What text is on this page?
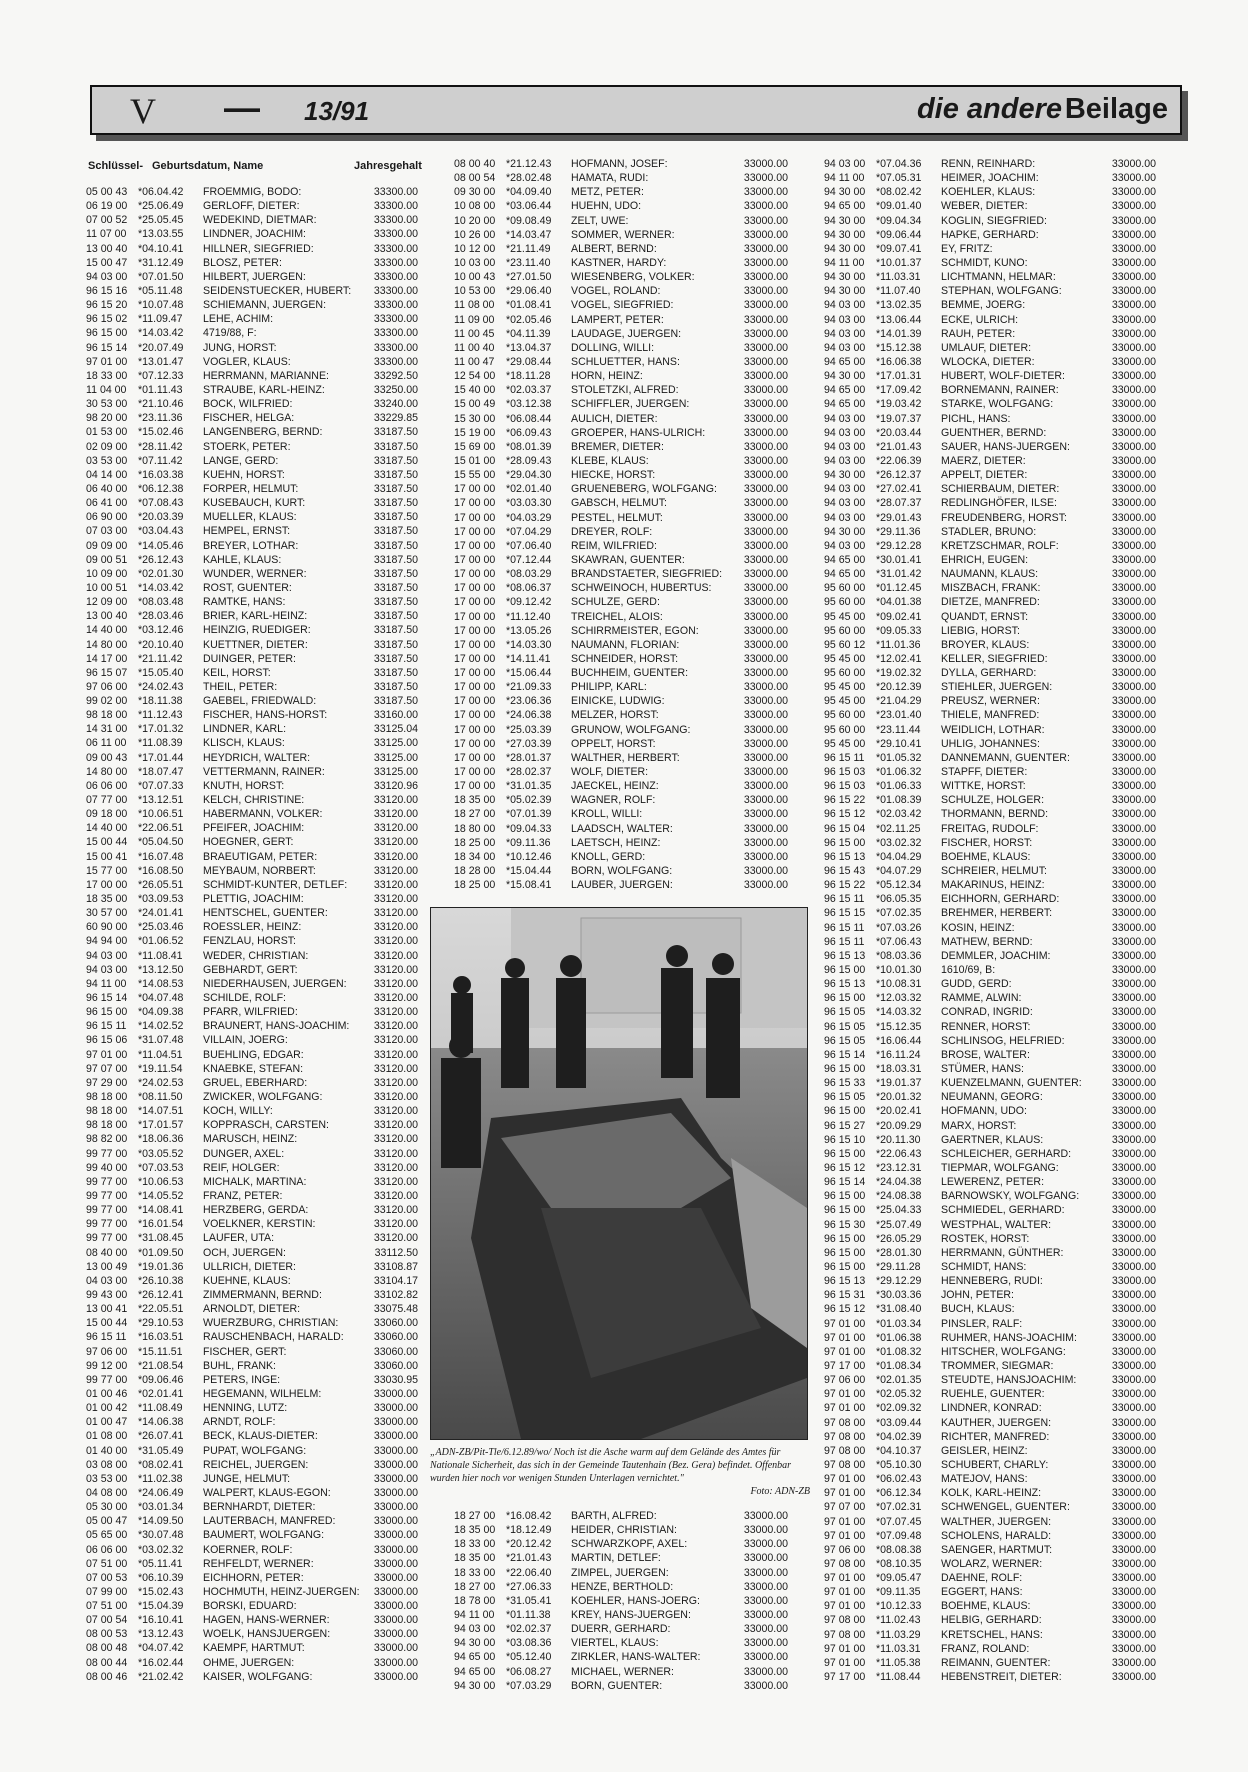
V — 13/91	die andere Beilage
Schlüssel- Geburtsdatum, Name	Jahresgehalt
05 00 43 *06.04.42 FROEMMIG, BODO:	33300.00
06 19 00 *25.06.49 GERLOFF, DIETER:	33300.00
07 00 52 *25.05.45 WEDEKIND, DIETMAR:	33300.00
11 07 00 *13.03.55 LINDNER, JOACHIM:	33300.00
13 00 40 *04.10.41 HILLNER, SIEGFRIED:	33300.00
15 00 47 *31.12.49 BLOSZ, PETER:	33300.00
94 03 00 *07.01.50 HILBERT, JUERGEN:	33300.00
96 15 16 *05.11.48 SEIDENSTUECKER, HUBERT: 33300.00
96 15 20 *10.07.48 SCHIEMANN, JUERGEN:	33300.00
96 15 02 *11.09.47 LEHE, ACHIM:	33300.00
96 15 00 *14.03.42 4719/88, F:	33300.00
96 15 14 *20.07.49 JUNG, HORST:	33300.00
97 01 00 *13.01.47 VOGLER, KLAUS:	33300.00
18 33 00 *07.12.33 HERRMANN, MARIANNE:	33292.50
11 04 00 *01.11.43 STRAUBE, KARL-HEINZ:	33250.00
30 53 00 *21.10.46 BOCK, WILFRIED:	33240.00
98 20 00 *23.11.36 FISCHER, HELGA:	33229.85
01 53 00 *15.02.46 LANGENBERG, BERND:	33187.50
02 09 00 *28.11.42 STOERK, PETER:	33187.50
03 53 00 *07.11.42 LANGE, GERD:	33187.50
04 14 00 *16.03.38 KUEHN, HORST:	33187.50
06 40 00 *06.12.38 FORPER, HELMUT:	33187.50
06 41 00 *07.08.43 KUSEBAUCH, KURT:	33187.50
06 90 00 *20.03.39 MUELLER, KLAUS:	33187.50
07 03 00 *03.04.43 HEMPEL, ERNST:	33187.50
09 09 00 *14.05.46 BREYER, LOTHAR:	33187.50
09 00 51 *26.12.43 KAHLE, KLAUS:	33187.50
10 09 00 *02.01.30 WUNDER, WERNER:	33187.50
10 00 51 *14.03.42 ROST, GUENTER:	33187.50
12 09 00 *08.03.48 RAMTKE, HANS:	33187.50
13 00 40 *28.03.46 BRIER, KARL-HEINZ:	33187.50
14 40 00 *03.12.46 HEINZIG, RUEDIGER:	33187.50
14 80 00 *20.10.40 KUETTNER, DIETER:	33187.50
14 17 00 *21.11.42 DUINGER, PETER:	33187.50
96 15 07 *15.05.40 KEIL, HORST:	33187.50
97 06 00 *24.02.43 THEIL, PETER:	33187.50
99 02 00 *18.11.38 GAEBEL, FRIEDWALD:	33187.50
98 18 00 *11.12.43 FISCHER, HANS-HORST:	33160.00
14 31 00 *17.01.32 LINDNER, KARL:	33125.04
06 11 00 *11.08.39 KLISCH, KLAUS:	33125.00
09 00 43 *17.01.44 HEYDRICH, WALTER:	33125.00
14 80 00 *18.07.47 VETTERMANN, RAINER:	33125.00
06 06 00 *07.07.33 KNUTH, HORST:	33120.96
07 77 00 *13.12.51 KELCH, CHRISTINE:	33120.00
09 18 00 *10.06.51 HABERMANN, VOLKER:	33120.00
14 40 00 *22.06.51 PFEIFER, JOACHIM:	33120.00
15 00 44 *05.04.50 HOEGNER, GERT:	33120.00
15 00 41 *16.07.48 BRAEUTIGAM, PETER:	33120.00
15 77 00 *16.08.50 MEYBAUM, NORBERT:	33120.00
17 00 00 *26.05.51 SCHMIDT-KUNTER, DETLEF:	33120.00
18 35 00 *03.09.53 PLETTIG, JOACHIM:	33120.00
30 57 00 *24.01.41 HENTSCHEL, GUENTER:	33120.00
60 90 00 *25.03.46 ROESSLER, HEINZ:	33120.00
94 94 00 *01.06.52 FENZLAU, HORST:	33120.00
94 03 00 *11.08.41 WEDER, CHRISTIAN:	33120.00
94 03 00 *13.12.50 GEBHARDT, GERT:	33120.00
94 11 00 *14.08.53 NIEDERHAUSEN, JUERGEN:	33120.00
96 15 14 *04.07.48 SCHILDE, ROLF:	33120.00
96 15 00 *04.09.38 PFARR, WILFRIED:	33120.00
96 15 11 *14.02.52 BRAUNERT, HANS-JOACHIM: 33120.00
96 15 06 *31.07.48 VILLAIN, JOERG:	33120.00
97 01 00 *11.04.51 BUEHLING, EDGAR:	33120.00
97 07 00 *19.11.54 KNAEBKE, STEFAN:	33120.00
97 29 00 *24.02.53 GRUEL, EBERHARD:	33120.00
98 18 00 *08.11.50 ZWICKER, WOLFGANG:	33120.00
98 18 00 *14.07.51 KOCH, WILLY:	33120.00
98 18 00 *17.01.57 KOPPRASCH, CARSTEN:	33120.00
98 82 00 *18.06.36 MARUSCH, HEINZ:	33120.00
99 77 00 *03.05.52 DUNGER, AXEL:	33120.00
99 40 00 *07.03.53 REIF, HOLGER:	33120.00
99 77 00 *10.06.53 MICHALK, MARTINA:	33120.00
99 77 00 *14.05.52 FRANZ, PETER:	33120.00
99 77 00 *14.08.41 HERZBERG, GERDA:	33120.00
99 77 00 *16.01.54 VOELKNER, KERSTIN:	33120.00
99 77 00 *31.08.45 LAUFER, UTA:	33120.00
08 40 00 *01.09.50 OCH, JUERGEN:	33112.50
13 00 49 *19.01.36 ULLRICH, DIETER:	33108.87
04 03 00 *26.10.38 KUEHNE, KLAUS:	33104.17
99 43 00 *26.12.41 ZIMMERMANN, BERND:	33102.82
13 00 41 *22.05.51 ARNOLDT, DIETER:	33075.48
15 00 44 *29.10.53 WUERZBURG, CHRISTIAN:	33060.00
96 15 11 *16.03.51 RAUSCHENBACH, HARALD:	33060.00
97 06 00 *15.11.51 FISCHER, GERT:	33060.00
99 12 00 *21.08.54 BUHL, FRANK:	33060.00
99 77 00 *09.06.46 PETERS, INGE:	33030.95
01 00 46 *02.01.41 HEGEMANN, WILHELM:	33000.00
01 00 42 *11.08.49 HENNING, LUTZ:	33000.00
01 00 47 *14.06.38 ARNDT, ROLF:	33000.00
01 08 00 *26.07.41 BECK, KLAUS-DIETER:	33000.00
01 40 00 *31.05.49 PUPAT, WOLFGANG:	33000.00
03 08 00 *08.02.41 REICHEL, JUERGEN:	33000.00
03 53 00 *11.02.38 JUNGE, HELMUT:	33000.00
04 08 00 *24.06.49 WALPERT, KLAUS-EGON:	33000.00
05 30 00 *03.01.34 BERNHARDT, DIETER:	33000.00
05 00 47 *14.09.50 LAUTERBACH, MANFRED:	33000.00
05 65 00 *30.07.48 BAUMERT, WOLFGANG:	33000.00
06 06 00 *03.02.32 KOERNER, ROLF:	33000.00
07 51 00 *05.11.41 REHFELDT, WERNER:	33000.00
07 00 53 *06.10.39 EICHHORN, PETER:	33000.00
07 99 00 *15.02.43 HOCHMUTH, HEINZ-JUERGEN: 33000.00
07 51 00 *15.04.39 BORSKI, EDUARD:	33000.00
07 00 54 *16.10.41 HAGEN, HANS-WERNER:	33000.00
08 00 53 *13.12.43 WOELK, HANSJUERGEN:	33000.00
08 00 48 *04.07.42 KAEMPF, HARTMUT:	33000.00
08 00 44 *16.02.44 OHME, JUERGEN:	33000.00
08 00 46 *21.02.42 KAISER, WOLFGANG:	33000.00
08 00 40 *21.12.43 HOFMANN, JOSEF:	33000.00
08 00 54 *28.02.48 HAMATA, RUDI:	33000.00
09 30 00 *04.09.40 METZ, PETER:	33000.00
10 08 00 *03.06.44 HUEHN, UDO:	33000.00
10 20 00 *09.08.49 ZELT, UWE:	33000.00
10 26 00 *14.03.47 SOMMER, WERNER:	33000.00
10 12 00 *21.11.49 ALBERT, BERND:	33000.00
10 03 00 *23.11.40 KASTNER, HARDY:	33000.00
10 00 43 *27.01.50 WIESENBERG, VOLKER:	33000.00
10 53 00 *29.06.40 VOGEL, ROLAND:	33000.00
11 08 00 *01.08.41 VOGEL, SIEGFRIED:	33000.00
11 09 00 *02.05.46 LAMPERT, PETER:	33000.00
11 00 45 *04.11.39 LAUDAGE, JUERGEN:	33000.00
11 00 40 *13.04.37 DOLLING, WILLI:	33000.00
11 00 47 *29.08.44 SCHLUETTER, HANS:	33000.00
12 54 00 *18.11.28 HORN, HEINZ:	33000.00
15 40 00 *02.03.37 STOLETZKI, ALFRED:	33000.00
15 00 49 *03.12.38 SCHIFFLER, JUERGEN:	33000.00
15 30 00 *06.08.44 AULICH, DIETER:	33000.00
15 19 00 *06.09.43 GROEPER, HANS-ULRICH:	33000.00
15 69 00 *08.01.39 BREMER, DIETER:	33000.00
15 01 00 *28.09.43 KLEBE, KLAUS:	33000.00
15 55 00 *29.04.30 HIECKE, HORST:	33000.00
17 00 00 *02.01.40 GRUENEBERG, WOLFGANG:	33000.00
17 00 00 *03.03.30 GABSCH, HELMUT:	33000.00
17 00 00 *04.03.29 PESTEL, HELMUT:	33000.00
17 00 00 *07.04.29 DREYER, ROLF:	33000.00
17 00 00 *07.06.40 REIM, WILFRIED:	33000.00
17 00 00 *07.12.44 SKAWRAN, GUENTER:	33000.00
17 00 00 *08.03.29 BRANDSTAETER, SIEGFRIED: 33000.00
17 00 00 *08.06.37 SCHWEINOCH, HUBERTUS:	33000.00
17 00 00 *09.12.42 SCHULZE, GERD:	33000.00
17 00 00 *11.12.40 TREICHEL, ALOIS:	33000.00
17 00 00 *13.05.26 SCHIRRMEISTER, EGON:	33000.00
17 00 00 *14.03.30 NAUMANN, FLORIAN:	33000.00
17 00 00 *14.11.41 SCHNEIDER, HORST:	33000.00
17 00 00 *15.06.44 BUCHHEIM, GUENTER:	33000.00
17 00 00 *21.09.33 PHILIPP, KARL:	33000.00
17 00 00 *23.06.36 EINICKE, LUDWIG:	33000.00
17 00 00 *24.06.38 MELZER, HORST:	33000.00
17 00 00 *25.03.39 GRUNOW, WOLFGANG:	33000.00
17 00 00 *27.03.39 OPPELT, HORST:	33000.00
17 00 00 *28.01.37 WALTHER, HERBERT:	33000.00
17 00 00 *28.02.37 WOLF, DIETER:	33000.00
17 00 00 *31.01.35 JAECKEL, HEINZ:	33000.00
18 35 00 *05.02.39 WAGNER, ROLF:	33000.00
18 27 00 *07.01.39 KROLL, WILLI:	33000.00
18 80 00 *09.04.33 LAADSCH, WALTER:	33000.00
18 25 00 *09.11.36 LAETSCH, HEINZ:	33000.00
18 34 00 *10.12.46 KNOLL, GERD:	33000.00
18 28 00 *15.04.44 BORN, WOLFGANG:	33000.00
18 25 00 *15.08.41 LAUBER, JUERGEN:	33000.00
18 27 00 *16.08.42 BARTH, ALFRED:	33000.00
18 35 00 *18.12.49 HEIDER, CHRISTIAN:	33000.00
18 33 00 *20.12.42 SCHWARZKOPF, AXEL:	33000.00
18 35 00 *21.01.43 MARTIN, DETLEF:	33000.00
18 33 00 *22.06.40 ZIMPEL, JUERGEN:	33000.00
18 27 00 *27.06.33 HENZE, BERTHOLD:	33000.00
18 78 00 *31.05.41 KOEHLER, HANS-JOERG:	33000.00
94 11 00 *01.11.38 KREY, HANS-JUERGEN:	33000.00
94 03 00 *02.02.37 DUERR, GERHARD:	33000.00
94 30 00 *03.08.36 VIERTEL, KLAUS:	33000.00
94 65 00 *05.12.40 ZIRKLER, HANS-WALTER:	33000.00
94 65 00 *06.08.27 MICHAEL, WERNER:	33000.00
94 30 00 *07.03.29 BORN, GUENTER:	33000.00
94 03 00 *07.04.36 RENN, REINHARD:	33000.00
94 11 00 *07.05.31 HEIMER, JOACHIM:	33000.00
94 30 00 *08.02.42 KOEHLER, KLAUS:	33000.00
94 65 00 *09.01.40 WEBER, DIETER:	33000.00
94 30 00 *09.04.34 KOGLIN, SIEGFRIED:	33000.00
94 30 00 *09.06.44 HAPKE, GERHARD:	33000.00
94 30 00 *09.07.41 EY, FRITZ:	33000.00
94 11 00 *10.01.37 SCHMIDT, KUNO:	33000.00
94 30 00 *11.03.31 LICHTMANN, HELMAR:	33000.00
94 30 00 *11.07.40 STEPHAN, WOLFGANG:	33000.00
94 03 00 *13.02.35 BEMME, JOERG:	33000.00
94 03 00 *13.06.44 ECKE, ULRICH:	33000.00
94 03 00 *14.01.39 RAUH, PETER:	33000.00
94 03 00 *15.12.38 UMLAUF, DIETER:	33000.00
94 65 00 *16.06.38 WLOCKA, DIETER:	33000.00
94 30 00 *17.01.31 HUBERT, WOLF-DIETER:	33000.00
94 65 00 *17.09.42 BORNEMANN, RAINER:	33000.00
94 65 00 *19.03.42 STARKE, WOLFGANG:	33000.00
94 03 00 *19.07.37 PICHL, HANS:	33000.00
94 03 00 *20.03.44 GUENTHER, BERND:	33000.00
94 03 00 *21.01.43 SAUER, HANS-JUERGEN:	33000.00
94 03 00 *22.06.39 MAERZ, DIETER:	33000.00
94 30 00 *26.12.37 APPELT, DIETER:	33000.00
94 03 00 *27.02.41 SCHIERBAUM, DIETER:	33000.00
94 03 00 *28.07.37 REDLINGHÖFER, ILSE:	33000.00
94 03 00 *29.01.43 FREUDENBERG, HORST:	33000.00
94 30 00 *29.11.36 STADLER, BRUNO:	33000.00
94 03 00 *29.12.28 KRETZSCHMAR, ROLF:	33000.00
94 65 00 *30.01.41 EHRICH, EUGEN:	33000.00
94 65 00 *31.01.42 NAUMANN, KLAUS:	33000.00
95 60 00 *01.12.45 MISZBACH, FRANK:	33000.00
95 60 00 *04.01.38 DIETZE, MANFRED:	33000.00
95 45 00 *09.02.41 QUANDT, ERNST:	33000.00
95 60 00 *09.05.33 LIEBIG, HORST:	33000.00
95 60 12 *11.01.36 BROYER, KLAUS:	33000.00
95 45 00 *12.02.41 KELLER, SIEGFRIED:	33000.00
95 60 00 *19.02.32 DYLLA, GERHARD:	33000.00
95 45 00 *20.12.39 STIEHLER, JUERGEN:	33000.00
95 45 00 *21.04.29 PREUSZ, WERNER:	33000.00
95 60 00 *23.01.40 THIELE, MANFRED:	33000.00
95 60 00 *23.11.44 WEIDLICH, LOTHAR:	33000.00
95 45 00 *29.10.41 UHLIG, JOHANNES:	33000.00
96 15 11 *01.05.32 DANNEMANN, GUENTER:	33000.00
96 15 03 *01.06.32 STAPFF, DIETER:	33000.00
96 15 03 *01.06.33 WITTKE, HORST:	33000.00
96 15 22 *01.08.39 SCHULZE, HOLGER:	33000.00
96 15 12 *02.03.42 THORMANN, BERND:	33000.00
96 15 04 *02.11.25 FREITAG, RUDOLF:	33000.00
96 15 00 *03.02.32 FISCHER, HORST:	33000.00
96 15 13 *04.04.29 BOEHME, KLAUS:	33000.00
96 15 43 *04.07.29 SCHREIER, HELMUT:	33000.00
96 15 22 *05.12.34 MAKARINUS, HEINZ:	33000.00
96 15 11 *06.05.35 EICHHORN, GERHARD:	33000.00
96 15 15 *07.02.35 BREHMER, HERBERT:	33000.00
96 15 11 *07.03.26 KOSIN, HEINZ:	33000.00
96 15 11 *07.06.43 MATHEW, BERND:	33000.00
96 15 13 *08.03.36 DEMMLER, JOACHIM:	33000.00
96 15 00 *10.01.30 1610/69, B:	33000.00
96 15 13 *10.08.31 GUDD, GERD:	33000.00
96 15 00 *12.03.32 RAMME, ALWIN:	33000.00
96 15 05 *14.03.32 CONRAD, INGRID:	33000.00
96 15 05 *15.12.35 RENNER, HORST:	33000.00
96 15 05 *16.06.44 SCHLINSOG, HELFRIED:	33000.00
96 15 14 *16.11.24 BROSE, WALTER:	33000.00
96 15 00 *18.03.31 STÜMER, HANS:	33000.00
96 15 33 *19.01.37 KUENZELMANN, GUENTER:	33000.00
96 15 05 *20.01.32 NEUMANN, GEORG:	33000.00
96 15 00 *20.02.41 HOFMANN, UDO:	33000.00
96 15 27 *20.09.29 MARX, HORST:	33000.00
96 15 10 *20.11.30 GAERTNER, KLAUS:	33000.00
96 15 00 *22.06.43 SCHLEICHER, GERHARD:	33000.00
96 15 12 *23.12.31 TIEPMAR, WOLFGANG:	33000.00
96 15 14 *24.04.38 LEWERENZ, PETER:	33000.00
96 15 00 *24.08.38 BARNOWSKY, WOLFGANG:	33000.00
96 15 00 *25.04.33 SCHMIEDEL, GERHARD:	33000.00
96 15 30 *25.07.49 WESTPHAL, WALTER:	33000.00
96 15 00 *26.05.29 ROSTEK, HORST:	33000.00
96 15 00 *28.01.30 HERRMANN, GÜNTHER:	33000.00
96 15 00 *29.11.28 SCHMIDT, HANS:	33000.00
96 15 13 *29.12.29 HENNEBERG, RUDI:	33000.00
96 15 31 *30.03.36 JOHN, PETER:	33000.00
96 15 12 *31.08.40 BUCH, KLAUS:	33000.00
97 01 00 *01.03.34 PINSLER, RALF:	33000.00
97 01 00 *01.06.38 RUHMER, HANS-JOACHIM:	33000.00
97 01 00 *01.08.32 HITSCHER, WOLFGANG:	33000.00
97 17 00 *01.08.34 TROMMER, SIEGMAR:	33000.00
97 06 00 *02.01.35 STEUDTE, HANSJOACHIM:	33000.00
97 01 00 *02.05.32 RUEHLE, GUENTER:	33000.00
97 01 00 *02.09.32 LINDNER, KONRAD:	33000.00
97 08 00 *03.09.44 KAUTHER, JUERGEN:	33000.00
97 08 00 *04.02.39 RICHTER, MANFRED:	33000.00
97 08 00 *04.10.37 GEISLER, HEINZ:	33000.00
97 08 00 *05.10.30 SCHUBERT, CHARLY:	33000.00
97 01 00 *06.02.43 MATEJOV, HANS:	33000.00
97 01 00 *06.12.34 KOLK, KARL-HEINZ:	33000.00
97 07 00 *07.02.31 SCHWENGEL, GUENTER:	33000.00
97 01 00 *07.07.45 WALTHER, JUERGEN:	33000.00
97 01 00 *07.09.48 SCHOLENS, HARALD:	33000.00
97 06 00 *08.08.38 SAENGER, HARTMUT:	33000.00
97 08 00 *08.10.35 WOLARZ, WERNER:	33000.00
97 01 00 *09.05.47 DAEHNE, ROLF:	33000.00
97 01 00 *09.11.35 EGGERT, HANS:	33000.00
97 01 00 *10.12.33 BOEHME, KLAUS:	33000.00
97 08 00 *11.02.43 HELBIG, GERHARD:	33000.00
97 08 00 *11.03.29 KRETSCHEL, HANS:	33000.00
97 01 00 *11.03.31 FRANZ, ROLAND:	33000.00
97 01 00 *11.05.38 REIMANN, GUENTER:	33000.00
97 17 00 *11.08.44 HEBENSTREIT, DIETER:	33000.00
„ADN-ZB/Pit-Tle/6.12.89/wo/ Noch ist die Asche warm auf dem Gelände des Amtes für Nationale Sicherheit, das sich in der Gemeinde Tautenhain (Bez. Gera) befindet. Offenbar wurden hier noch vor wenigen Stunden Unterlagen vernichtet."
Foto: ADN-ZB
